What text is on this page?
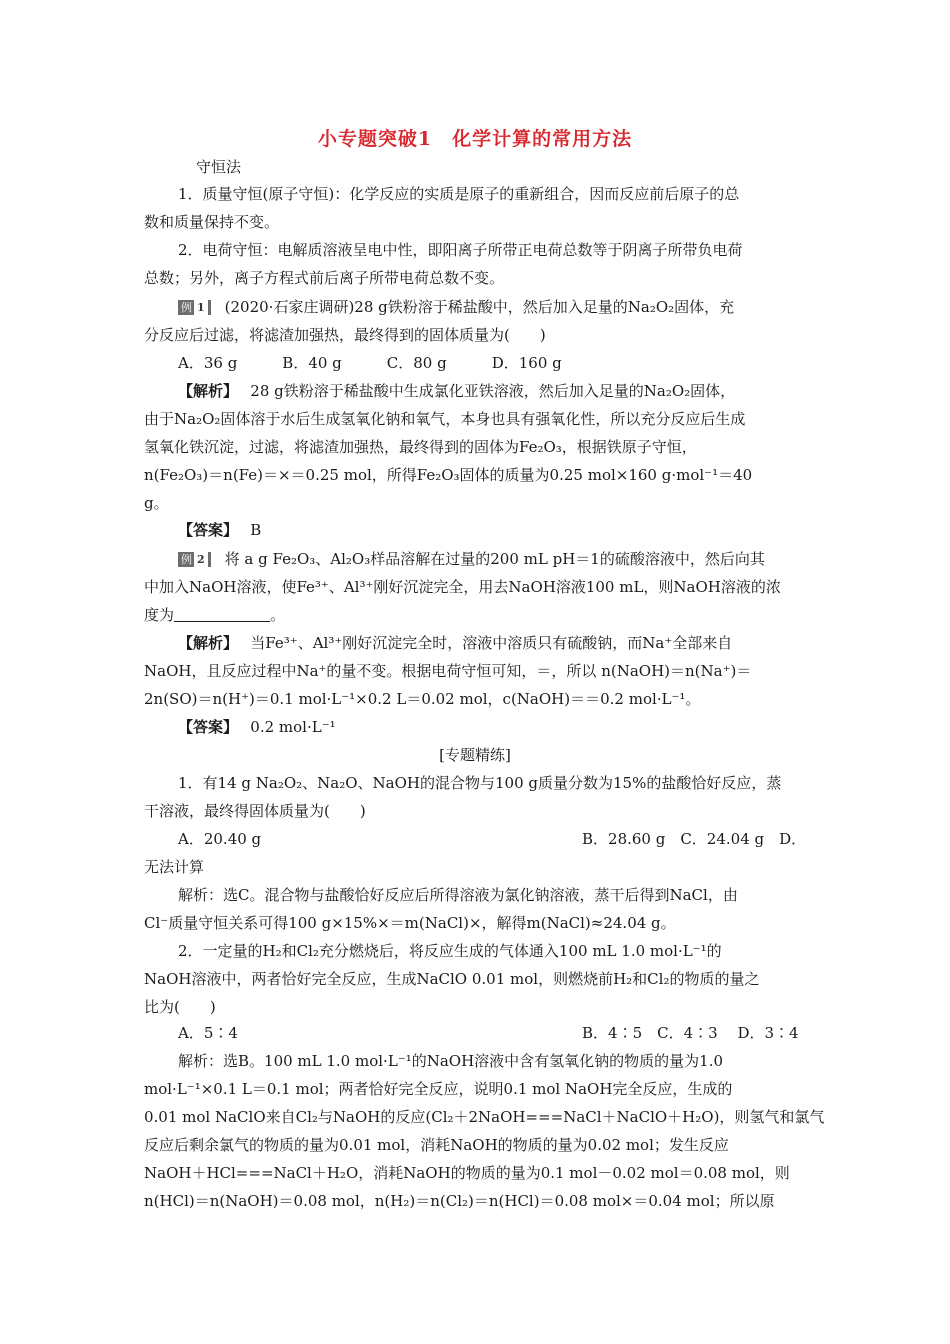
小专题突破1　化学计算的常用方法
守恒法
1．质量守恒(原子守恒)：化学反应的实质是原子的重新组合，因而反应前后原子的总
数和质量保持不变。
2．电荷守恒：电解质溶液呈电中性，即阳离子所带正电荷总数等于阴离子所带负电荷
总数；另外，离子方程式前后离子所带电荷总数不变。
例 1 (2020·石家庄调研)28 g铁粉溶于稀盐酸中，然后加入足量的Na₂O₂固体，充
分反应后过滤，将滤渣加强热，最终得到的固体质量为(　　)
A．36 g　　　B．40 g　　　C．80 g　　　D．160 g
【解析】　 28 g铁粉溶于稀盐酸中生成氯化亚铁溶液，然后加入足量的Na₂O₂固体，
由于Na₂O₂固体溶于水后生成氢氧化钠和氧气，本身也具有强氧化性，所以充分反应后生成
氢氧化铁沉淀，过滤，将滤渣加强热，最终得到的固体为Fe₂O₃，根据铁原子守恒，
n(Fe₂O₃)＝n(Fe)＝×＝0.25 mol，所得Fe₂O₃固体的质量为0.25 mol×160 g·mol⁻¹＝40
g。
【答案】　 B
例 2 将 a g Fe₂O₃、Al₂O₃样品溶解在过量的200 mL pH＝1的硫酸溶液中，然后向其
中加入NaOH溶液，使Fe³⁺、Al³⁺刚好沉淀完全，用去NaOH溶液100 mL，则NaOH溶液的浓
度为	。
【解析】　 当Fe³⁺、Al³⁺刚好沉淀完全时，溶液中溶质只有硫酸钠，而Na⁺全部来自
NaOH，且反应过程中Na⁺的量不变。根据电荷守恒可知，＝，所以 n(NaOH)＝n(Na⁺)＝
2n(SO)＝n(H⁺)＝0.1 mol·L⁻¹×0.2 L＝0.02 mol，c(NaOH)＝＝0.2 mol·L⁻¹。
【答案】　 0.2 mol·L⁻¹
[专题精练]
1．有14 g Na₂O₂、Na₂O、NaOH的混合物与100 g质量分数为15%的盐酸恰好反应，蒸
干溶液，最终得固体质量为(　　)
A．20.40 g	B．28.60 g　C．24.04 g　D．
无法计算
解析：选C。混合物与盐酸恰好反应后所得溶液为氯化钠溶液，蒸干后得到NaCl，由
Cl⁻质量守恒关系可得100 g×15%×＝m(NaCl)×，解得m(NaCl)≈24.04 g。
2．一定量的H₂和Cl₂充分燃烧后，将反应生成的气体通入100 mL 1.0 mol·L⁻¹的
NaOH溶液中，两者恰好完全反应，生成NaClO 0.01 mol，则燃烧前H₂和Cl₂的物质的量之
比为(　　)
A．5∶4	B．4∶5　C．4∶3　 D．3∶4
解析：选B。100 mL 1.0 mol·L⁻¹的NaOH溶液中含有氢氧化钠的物质的量为1.0
mol·L⁻¹×0.1 L＝0.1 mol；两者恰好完全反应，说明0.1 mol NaOH完全反应，生成的
0.01 mol NaClO来自Cl₂与NaOH的反应(Cl₂＋2NaOH===NaCl＋NaClO＋H₂O)，则氢气和氯气
反应后剩余氯气的物质的量为0.01 mol，消耗NaOH的物质的量为0.02 mol；发生反应
NaOH＋HCl===NaCl＋H₂O，消耗NaOH的物质的量为0.1 mol－0.02 mol＝0.08 mol，则
n(HCl)＝n(NaOH)＝0.08 mol，n(H₂)＝n(Cl₂)＝n(HCl)＝0.08 mol×＝0.04 mol；所以原
